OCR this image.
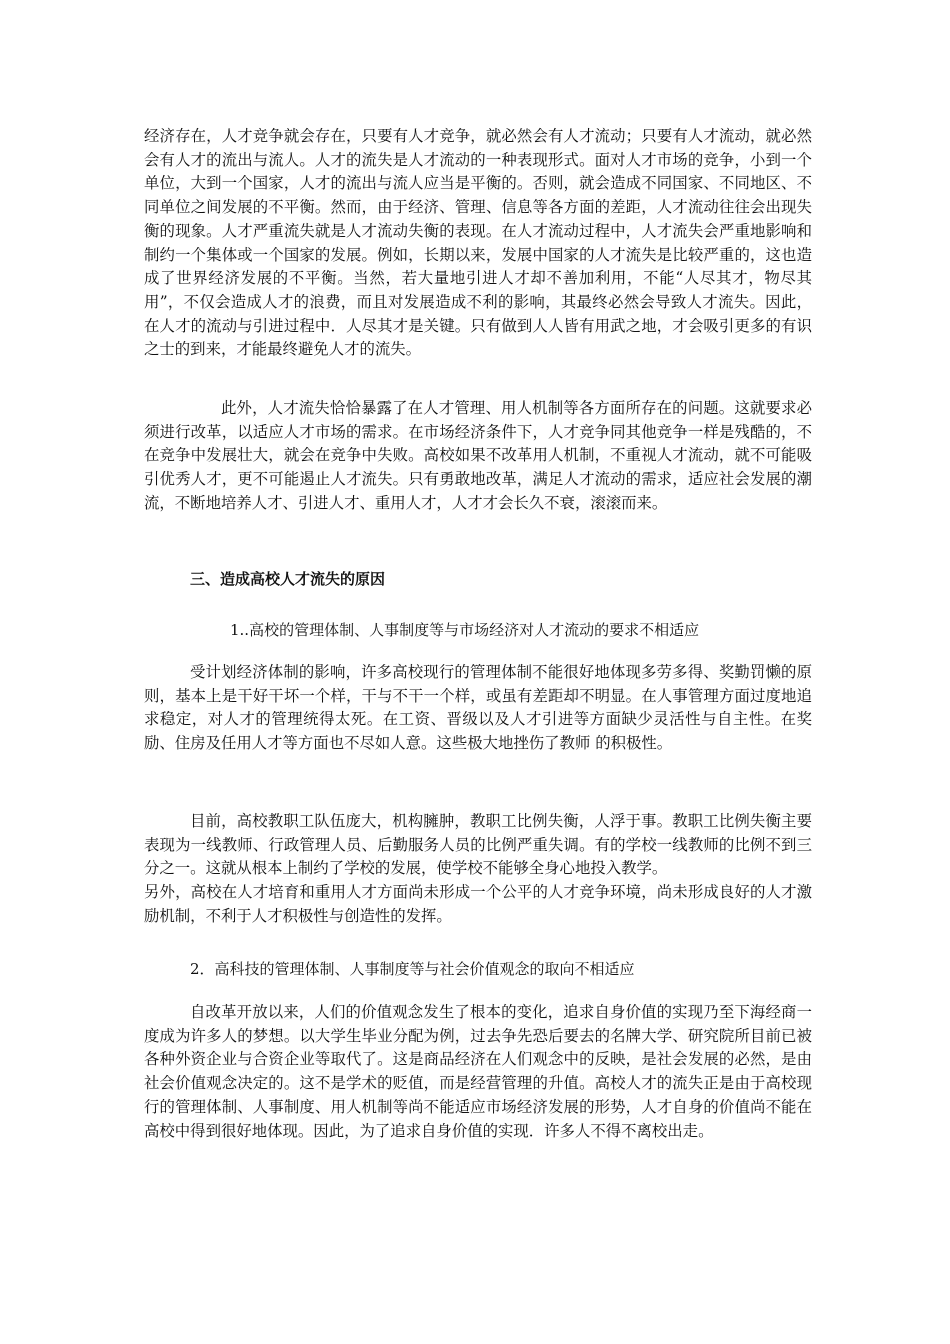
经济存在，人才竞争就会存在，只要有人才竞争，就必然会有人才流动；只要有人才流动，就必然会有人才的流出与流人。人才的流失是人才流动的一种表现形式。面对人才市场的竞争，小到一个单位，大到一个国家，人才的流出与流人应当是平衡的。否则，就会造成不同国家、不同地区、不同单位之间发展的不平衡。然而，由于经济、管理、信息等各方面的差距，人才流动往往会出现失衡的现象。人才严重流失就是人才流动失衡的表现。在人才流动过程中，人才流失会严重地影响和制约一个集体或一个国家的发展。例如，长期以来，发展中国家的人才流失是比较严重的，这也造成了世界经济发展的不平衡。当然，若大量地引进人才却不善加利用，不能“人尽其才，物尽其用”，不仅会造成人才的浪费，而且对发展造成不利的影响，其最终必然会导致人才流失。因此，在人才的流动与引进过程中．人尽其才是关键。只有做到人人皆有用武之地，才会吸引更多的有识之士的到来，才能最终避免人才的流失。

此外，人才流失恰恰暴露了在人才管理、用人机制等各方面所存在的问题。这就要求必须进行改革，以适应人才市场的需求。在市场经济条件下，人才竞争同其他竞争一样是残酷的，不在竞争中发展壮大，就会在竞争中失败。高校如果不改革用人机制，不重视人才流动，就不可能吸引优秀人才，更不可能遏止人才流失。只有勇敢地改革，满足人才流动的需求，适应社会发展的潮流，不断地培养人才、引进人才、重用人才，人才才会长久不衰，滚滚而来。

三、造成高校人才流失的原因

1..高校的管理体制、人事制度等与市场经济对人才流动的要求不相适应

受计划经济体制的影响，许多高校现行的管理体制不能很好地体现多劳多得、奖勤罚懒的原则，基本上是干好干坏一个样，干与不干一个样，或虽有差距却不明显。在人事管理方面过度地追求稳定，对人才的管理统得太死。在工资、晋级以及人才引进等方面缺少灵活性与自主性。在奖励、住房及任用人才等方面也不尽如人意。这些极大地挫伤了教师 的积极性。

目前，高校教职工队伍庞大，机构臃肿，教职工比例失衡，人浮于事。教职工比例失衡主要表现为一线教师、行政管理人员、后勤服务人员的比例严重失调。有的学校一线教师的比例不到三分之一。这就从根本上制约了学校的发展，使学校不能够全身心地投入教学。

另外，高校在人才培育和重用人才方面尚未形成一个公平的人才竞争环境，尚未形成良好的人才激励机制，不利于人才积极性与创造性的发挥。

2．高科技的管理体制、人事制度等与社会价值观念的取向不相适应

自改革开放以来，人们的价值观念发生了根本的变化，追求自身价值的实现乃至下海经商一度成为许多人的梦想。以大学生毕业分配为例，过去争先恐后要去的名牌大学、研究院所目前已被各种外资企业与合资企业等取代了。这是商品经济在人们观念中的反映，是社会发展的必然，是由社会价值观念决定的。这不是学术的贬值，而是经营管理的升值。高校人才的流失正是由于高校现行的管理体制、人事制度、用人机制等尚不能适应市场经济发展的形势，人才自身的价值尚不能在高校中得到很好地体现。因此，为了追求自身价值的实现．许多人不得不离校出走。
